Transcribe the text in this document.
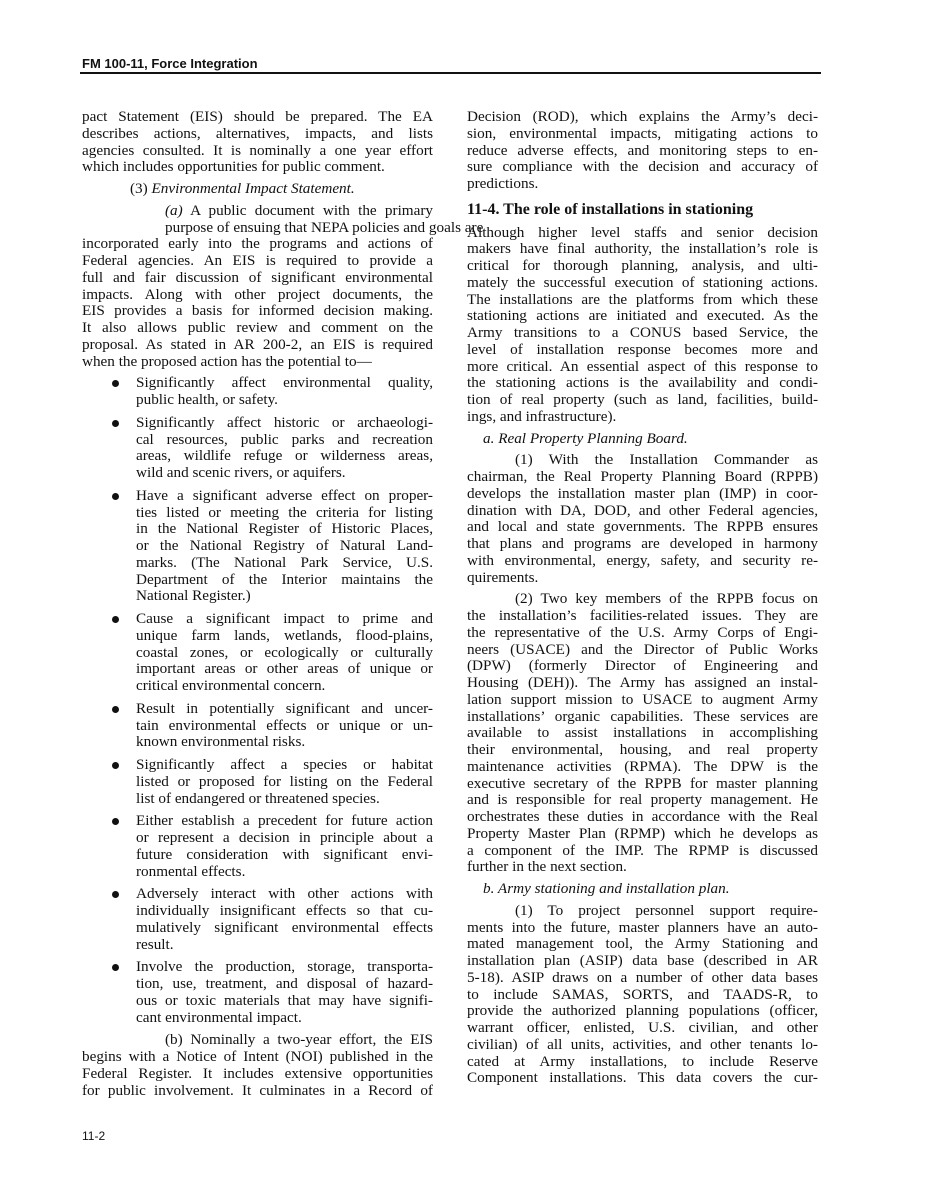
FM 100-11, Force Integration
pact Statement (EIS) should be prepared. The EA
describes actions, alternatives, impacts, and lists
agencies consulted. It is nominally a one year effort
which includes opportunities for public comment.
(3) Environmental Impact Statement.
(a) A public document with the primary
purpose of ensuing that NEPA policies and goals are
incorporated early into the programs and actions of
Federal agencies. An EIS is required to provide a
full and fair discussion of significant environmental
impacts. Along with other project documents, the
EIS provides a basis for informed decision making.
It also allows public review and comment on the
proposal. As stated in AR 200-2, an EIS is required
when the proposed action has the potential to—
Significantly affect environmental quality,
public health, or safety.
Significantly affect historic or archaeologi-
cal resources, public parks and recreation
areas, wildlife refuge or wilderness areas,
wild and scenic rivers, or aquifers.
Have a significant adverse effect on proper-
ties listed or meeting the criteria for listing
in the National Register of Historic Places,
or the National Registry of Natural Land-
marks. (The National Park Service, U.S.
Department of the Interior maintains the
National Register.)
Cause a significant impact to prime and
unique farm lands, wetlands, flood-plains,
coastal zones, or ecologically or culturally
important areas or other areas of unique or
critical environmental concern.
Result in potentially significant and uncer-
tain environmental effects or unique or un-
known environmental risks.
Significantly affect a species or habitat
listed or proposed for listing on the Federal
list of endangered or threatened species.
Either establish a precedent for future action
or represent a decision in principle about a
future consideration with significant envi-
ronmental effects.
Adversely interact with other actions with
individually insignificant effects so that cu-
mulatively significant environmental effects
result.
Involve the production, storage, transporta-
tion, use, treatment, and disposal of hazard-
ous or toxic materials that may have signifi-
cant environmental impact.
(b) Nominally a two-year effort, the EIS
begins with a Notice of Intent (NOI) published in the
Federal Register. It includes extensive opportunities
for public involvement. It culminates in a Record of
Decision (ROD), which explains the Army’s deci-
sion, environmental impacts, mitigating actions to
reduce adverse effects, and monitoring steps to en-
sure compliance with the decision and accuracy of
predictions.
11-4. The role of installations in stationing
Although higher level staffs and senior decision
makers have final authority, the installation’s role is
critical for thorough planning, analysis, and ulti-
mately the successful execution of stationing actions.
The installations are the platforms from which these
stationing actions are initiated and executed. As the
Army transitions to a CONUS based Service, the
level of installation response becomes more and
more critical. An essential aspect of this response to
the stationing actions is the availability and condi-
tion of real property (such as land, facilities, build-
ings, and infrastructure).
a. Real Property Planning Board.
(1) With the Installation Commander as
chairman, the Real Property Planning Board (RPPB)
develops the installation master plan (IMP) in coor-
dination with DA, DOD, and other Federal agencies,
and local and state governments. The RPPB ensures
that plans and programs are developed in harmony
with environmental, energy, safety, and security re-
quirements.
(2) Two key members of the RPPB focus on
the installation’s facilities-related issues. They are
the representative of the U.S. Army Corps of Engi-
neers (USACE) and the Director of Public Works
(DPW) (formerly Director of Engineering and
Housing (DEH)). The Army has assigned an instal-
lation support mission to USACE to augment Army
installations’ organic capabilities. These services are
available to assist installations in accomplishing
their environmental, housing, and real property
maintenance activities (RPMA). The DPW is the
executive secretary of the RPPB for master planning
and is responsible for real property management. He
orchestrates these duties in accordance with the Real
Property Master Plan (RPMP) which he develops as
a component of the IMP. The RPMP is discussed
further in the next section.
b. Army stationing and installation plan.
(1) To project personnel support require-
ments into the future, master planners have an auto-
mated management tool, the Army Stationing and
installation plan (ASIP) data base (described in AR
5-18). ASIP draws on a number of other data bases
to include SAMAS, SORTS, and TAADS-R, to
provide the authorized planning populations (officer,
warrant officer, enlisted, U.S. civilian, and other
civilian) of all units, activities, and other tenants lo-
cated at Army installations, to include Reserve
Component installations. This data covers the cur-
11-2
